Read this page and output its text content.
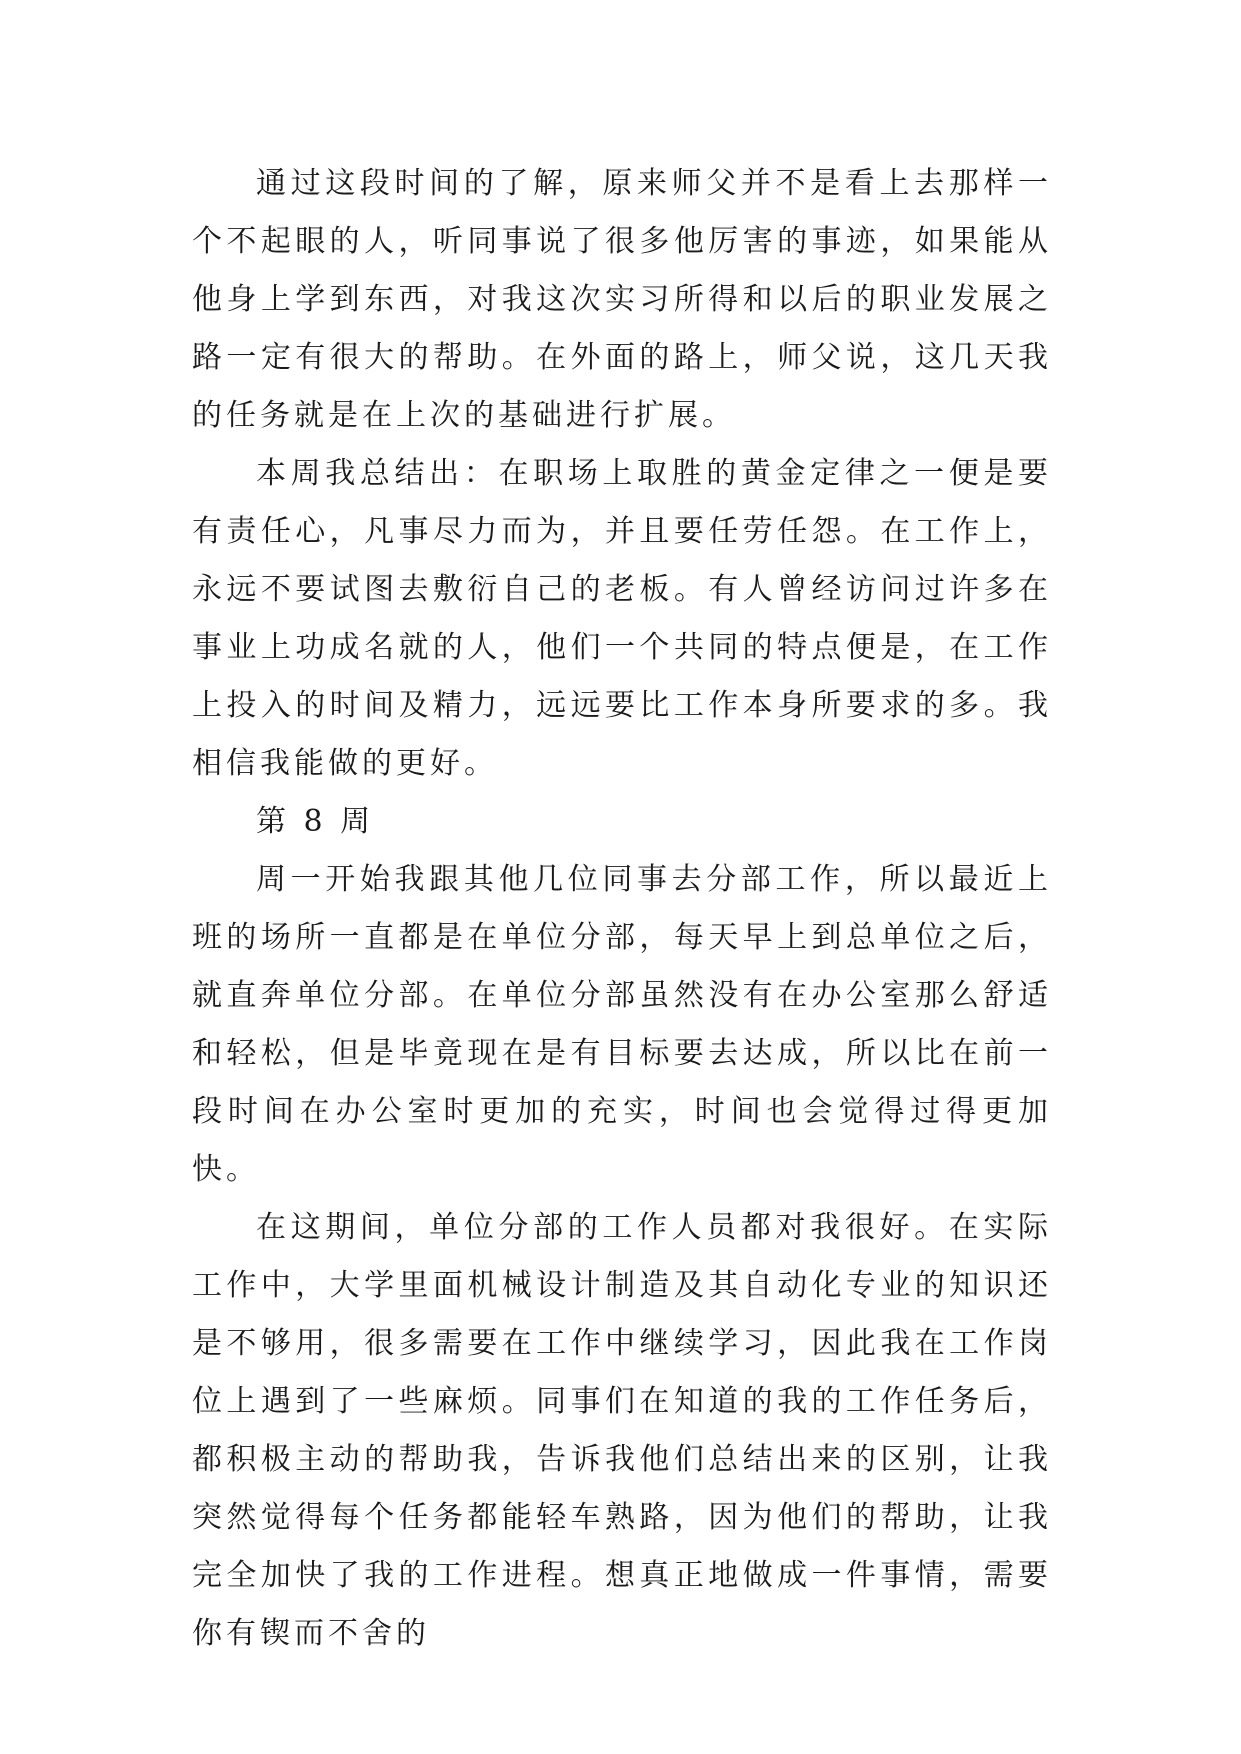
通过这段时间的了解，原来师父并不是看上去那样一个不起眼的人，听同事说了很多他厉害的事迹，如果能从他身上学到东西，对我这次实习所得和以后的职业发展之路一定有很大的帮助。在外面的路上，师父说，这几天我的任务就是在上次的基础进行扩展。

本周我总结出：在职场上取胜的黄金定律之一便是要有责任心，凡事尽力而为，并且要任劳任怨。在工作上，永远不要试图去敷衍自己的老板。有人曾经访问过许多在事业上功成名就的人，他们一个共同的特点便是，在工作上投入的时间及精力，远远要比工作本身所要求的多。我相信我能做的更好。

第 8 周

周一开始我跟其他几位同事去分部工作，所以最近上班的场所一直都是在单位分部，每天早上到总单位之后，就直奔单位分部。在单位分部虽然没有在办公室那么舒适和轻松，但是毕竟现在是有目标要去达成，所以比在前一段时间在办公室时更加的充实，时间也会觉得过得更加快。

在这期间，单位分部的工作人员都对我很好。在实际工作中，大学里面机械设计制造及其自动化专业的知识还是不够用，很多需要在工作中继续学习，因此我在工作岗位上遇到了一些麻烦。同事们在知道的我的工作任务后，都积极主动的帮助我，告诉我他们总结出来的区别，让我突然觉得每个任务都能轻车熟路，因为他们的帮助，让我完全加快了我的工作进程。想真正地做成一件事情，需要你有锲而不舍的
